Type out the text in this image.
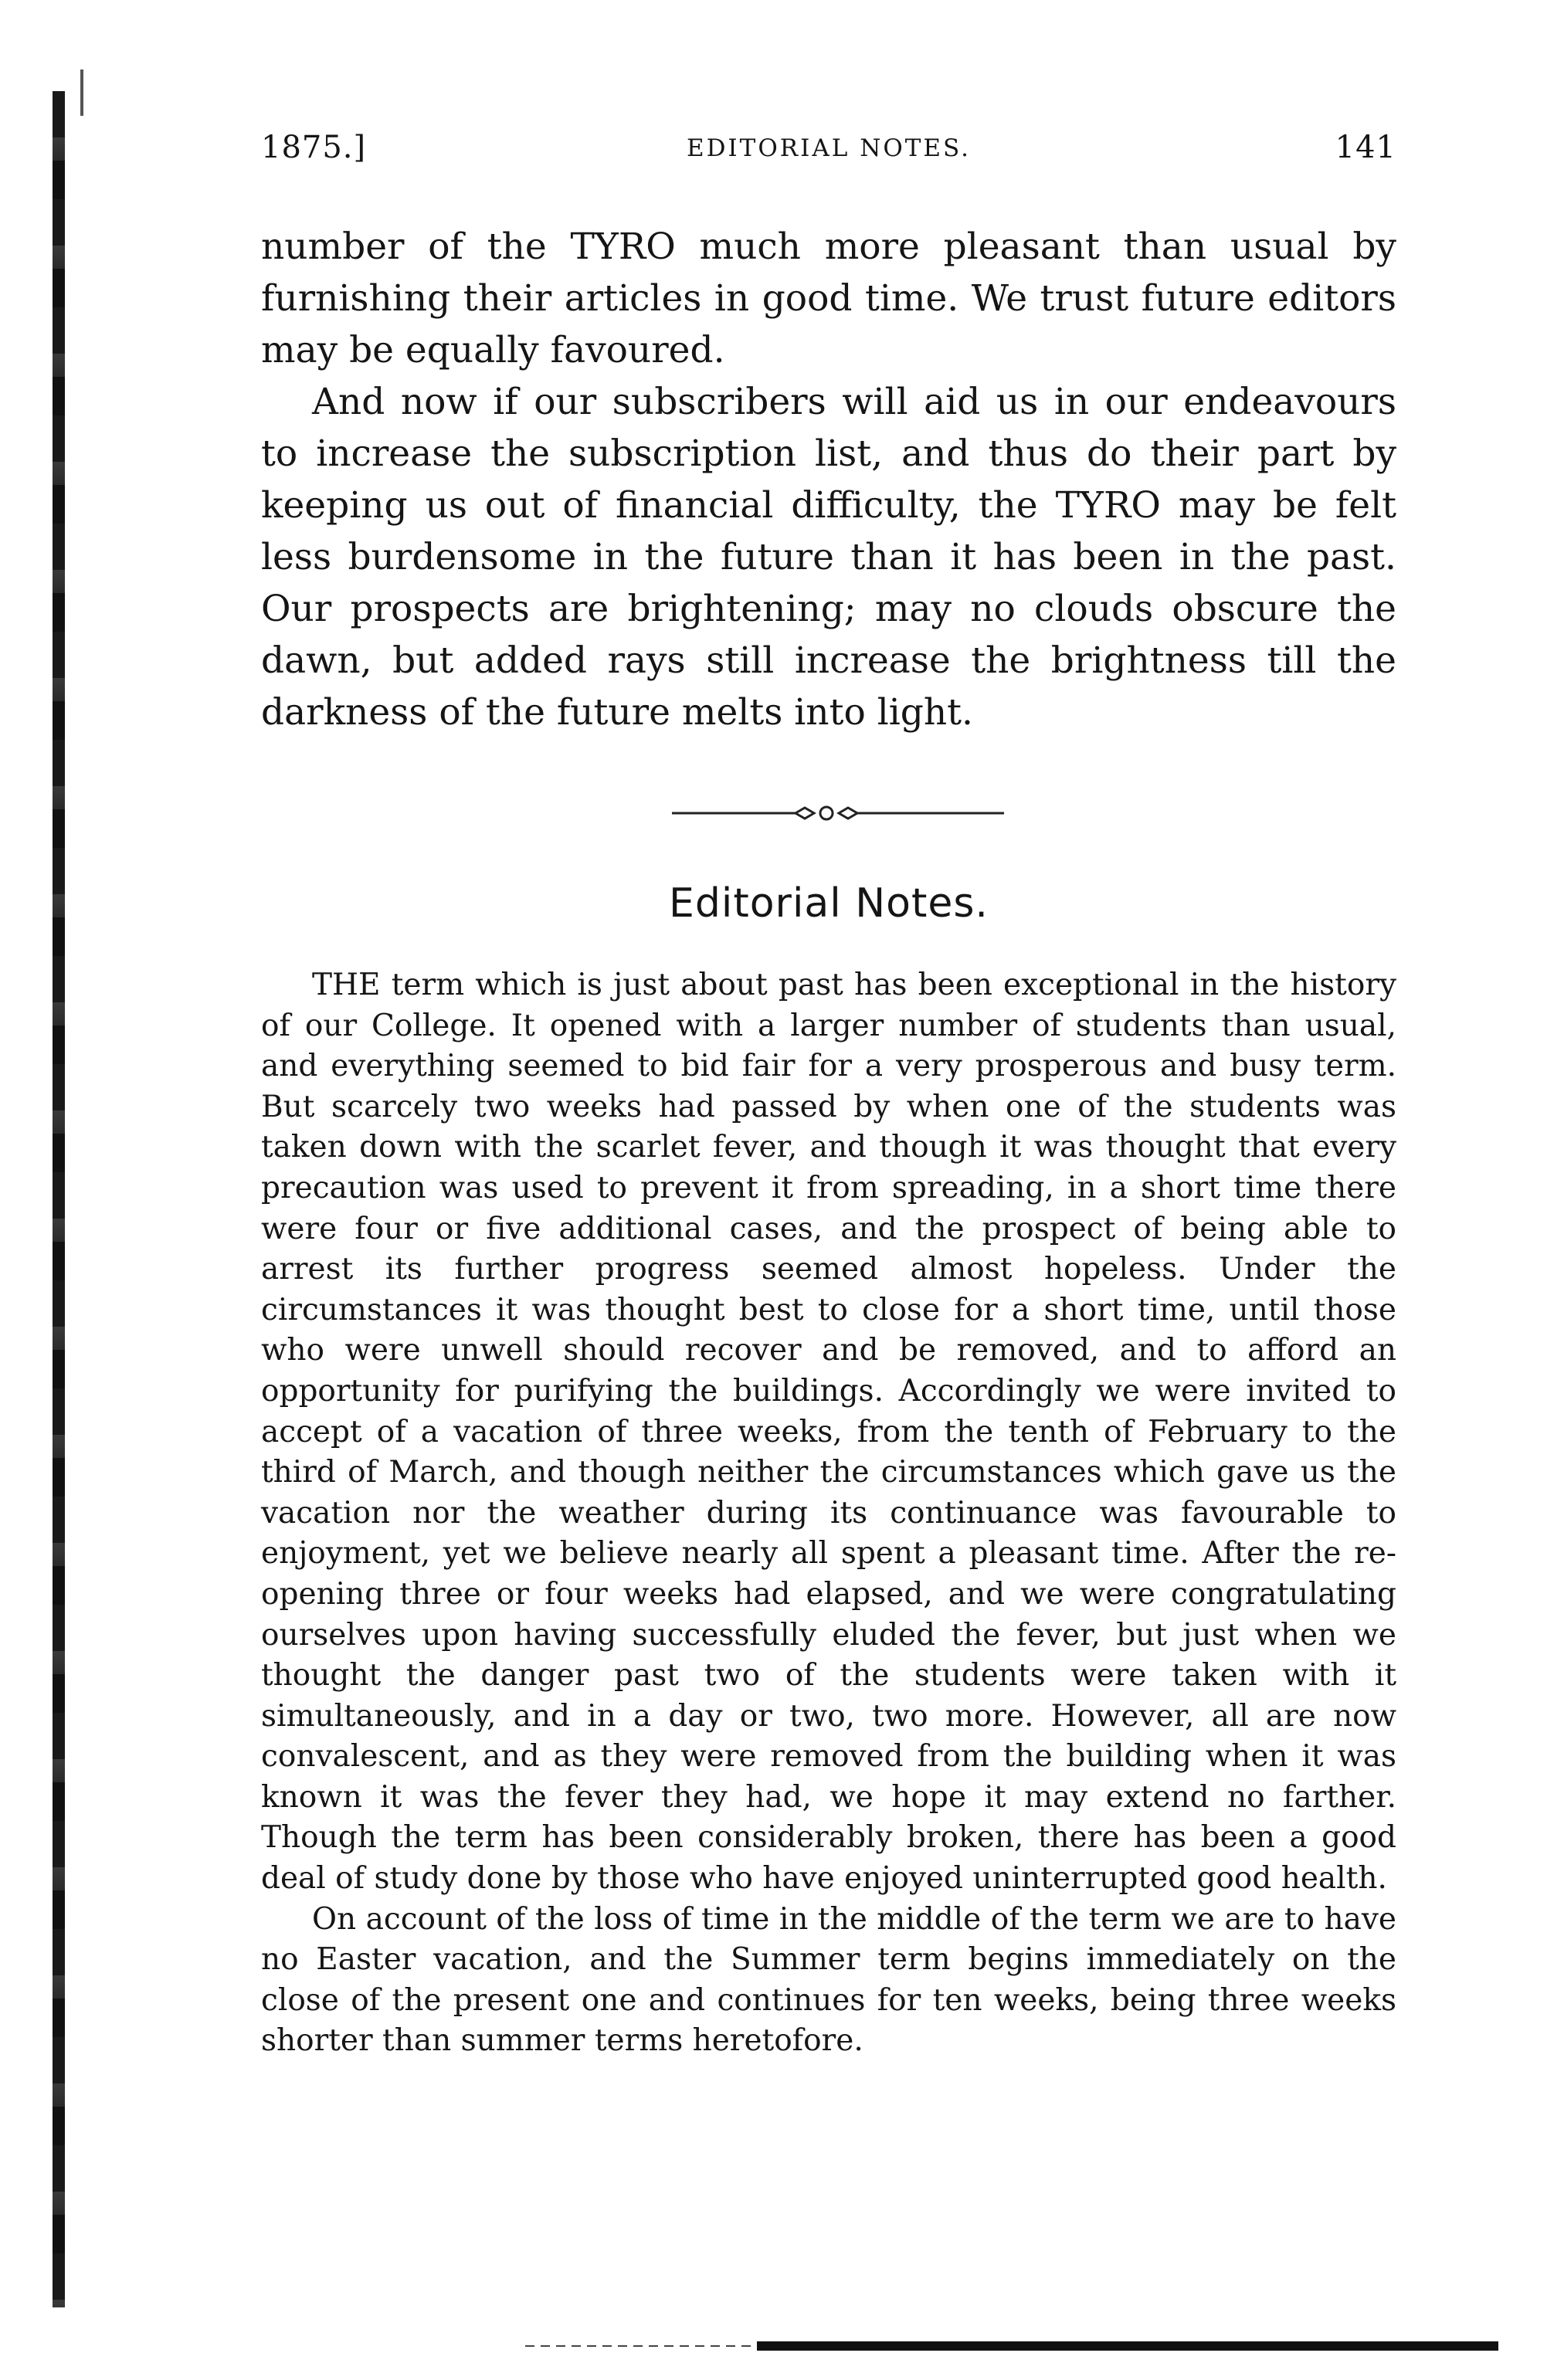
1875.]	EDITORIAL NOTES.	141

number of the TYRO much more pleasant than usual by furnishing their articles in good time. We trust future editors may be equally favoured.

And now if our subscribers will aid us in our endeavours to increase the subscription list, and thus do their part by keeping us out of financial difficulty, the TYRO may be felt less burdensome in the future than it has been in the past. Our prospects are brightening; may no clouds obscure the dawn, but added rays still increase the brightness till the darkness of the future melts into light.

Editorial Notes.

THE term which is just about past has been exceptional in the history of our College. It opened with a larger number of students than usual, and everything seemed to bid fair for a very prosperous and busy term. But scarcely two weeks had passed by when one of the students was taken down with the scarlet fever, and though it was thought that every precaution was used to prevent it from spreading, in a short time there were four or five additional cases, and the prospect of being able to arrest its further progress seemed almost hopeless. Under the circumstances it was thought best to close for a short time, until those who were unwell should recover and be removed, and to afford an opportunity for purifying the buildings. Accordingly we were invited to accept of a vacation of three weeks, from the tenth of February to the third of March, and though neither the circumstances which gave us the vacation nor the weather during its continuance was favourable to enjoyment, yet we believe nearly all spent a pleasant time. After the re-opening three or four weeks had elapsed, and we were congratulating ourselves upon having successfully eluded the fever, but just when we thought the danger past two of the students were taken with it simultaneously, and in a day or two, two more. However, all are now convalescent, and as they were removed from the building when it was known it was the fever they had, we hope it may extend no farther. Though the term has been considerably broken, there has been a good deal of study done by those who have enjoyed uninterrupted good health.

On account of the loss of time in the middle of the term we are to have no Easter vacation, and the Summer term begins immediately on the close of the present one and continues for ten weeks, being three weeks shorter than summer terms heretofore.
